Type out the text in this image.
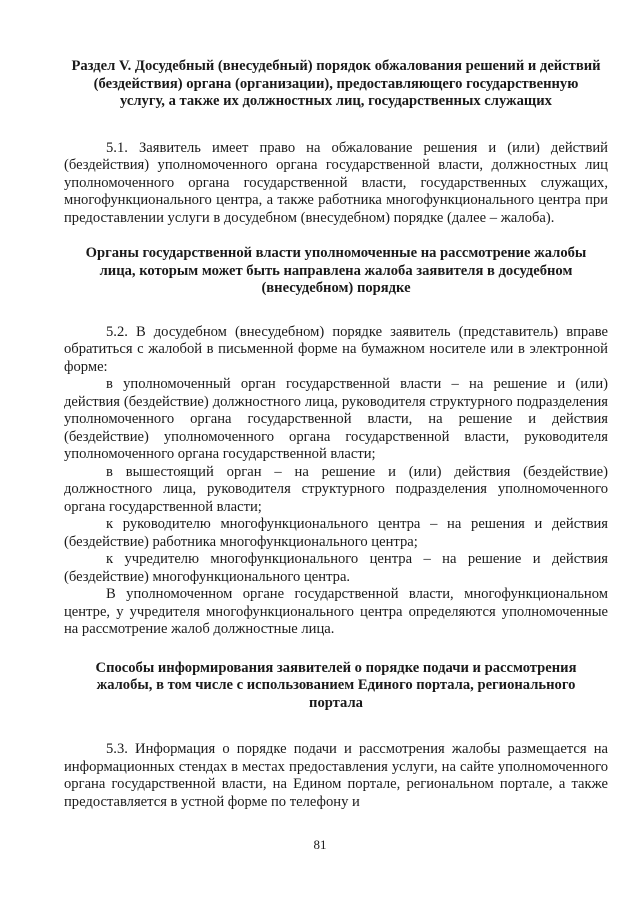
Раздел V. Досудебный (внесудебный) порядок обжалования решений и действий (бездействия) органа (организации), предоставляющего государственную услугу, а также их должностных лиц, государственных служащих

5.1. Заявитель имеет право на обжалование решения и (или) действий (бездействия) уполномоченного органа государственной власти, должностных лиц уполномоченного органа государственной власти, государственных служащих, многофункционального центра, а также работника многофункционального центра при предоставлении услуги в досудебном (внесудебном) порядке (далее – жалоба).

Органы государственной власти уполномоченные на рассмотрение жалобы лица, которым может быть направлена жалоба заявителя в досудебном (внесудебном) порядке

5.2. В досудебном (внесудебном) порядке заявитель (представитель) вправе обратиться с жалобой в письменной форме на бумажном носителе или в электронной форме:

в уполномоченный орган государственной власти – на решение и (или) действия (бездействие) должностного лица, руководителя структурного подразделения уполномоченного органа государственной власти, на решение и действия (бездействие) уполномоченного органа государственной власти, руководителя уполномоченного органа государственной власти;

в вышестоящий орган – на решение и (или) действия (бездействие) должностного лица, руководителя структурного подразделения уполномоченного органа государственной власти;

к руководителю многофункционального центра – на решения и действия (бездействие) работника многофункционального центра;

к учредителю многофункционального центра – на решение и действия (бездействие) многофункционального центра.

В уполномоченном органе государственной власти, многофункциональном центре, у учредителя многофункционального центра определяются уполномоченные на рассмотрение жалоб должностные лица.

Способы информирования заявителей о порядке подачи и рассмотрения жалобы, в том числе с использованием Единого портала, регионального портала

5.3. Информация о порядке подачи и рассмотрения жалобы размещается на информационных стендах в местах предоставления услуги, на сайте уполномоченного органа государственной власти, на Едином портале, региональном портале, а также предоставляется в устной форме по телефону и

81
